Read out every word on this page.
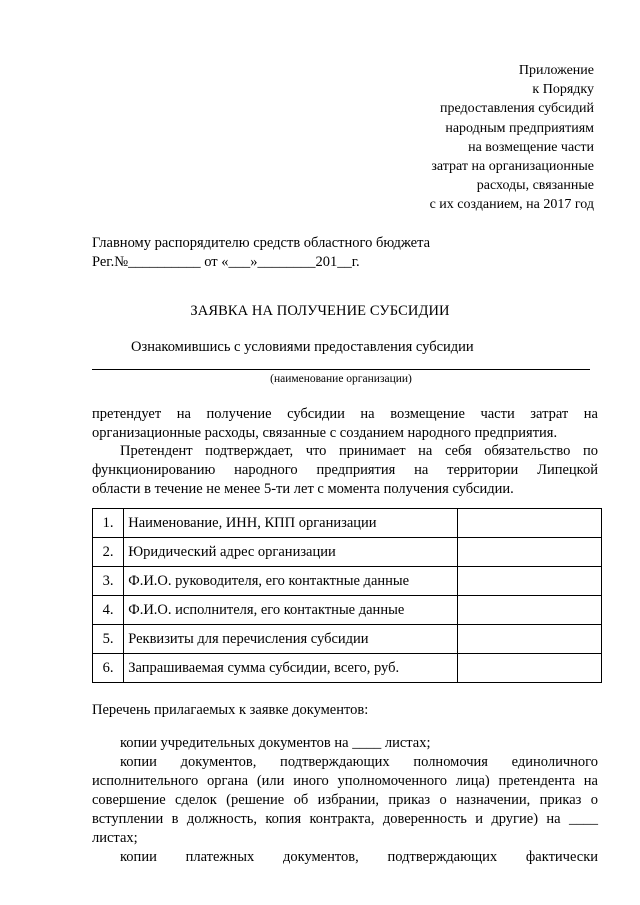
Приложение
к Порядку
предоставления субсидий
народным предприятиям
на возмещение части
затрат на организационные
расходы, связанные
с их созданием, на 2017 год
Главному распорядителю средств областного бюджета
Рег.№__________ от «___»________201__г.
ЗАЯВКА НА ПОЛУЧЕНИЕ СУБСИДИИ
Ознакомившись с условиями предоставления субсидии
(наименование организации)
претендует на получение субсидии на возмещение части затрат на
организационные расходы, связанные с созданием народного предприятия.
Претендент подтверждает, что принимает на себя обязательство по
функционированию народного предприятия на территории Липецкой
области в течение не менее 5-ти лет с момента получения субсидии.
1.	Наименование, ИНН, КПП организации	
2.	Юридический адрес организации	
3.	Ф.И.О. руководителя, его контактные данные	
4.	Ф.И.О. исполнителя, его контактные данные	
5.	Реквизиты для перечисления субсидии	
6.	Запрашиваемая сумма субсидии, всего, руб.	
Перечень прилагаемых к заявке документов:
копии учредительных документов на ____ листах;
копии документов, подтверждающих полномочия единоличного
исполнительного органа (или иного уполномоченного лица) претендента на
совершение сделок (решение об избрании, приказ о назначении, приказ о
вступлении в должность, копия контракта, доверенность и другие) на ____
листах;
копии платежных документов, подтверждающих фактически
